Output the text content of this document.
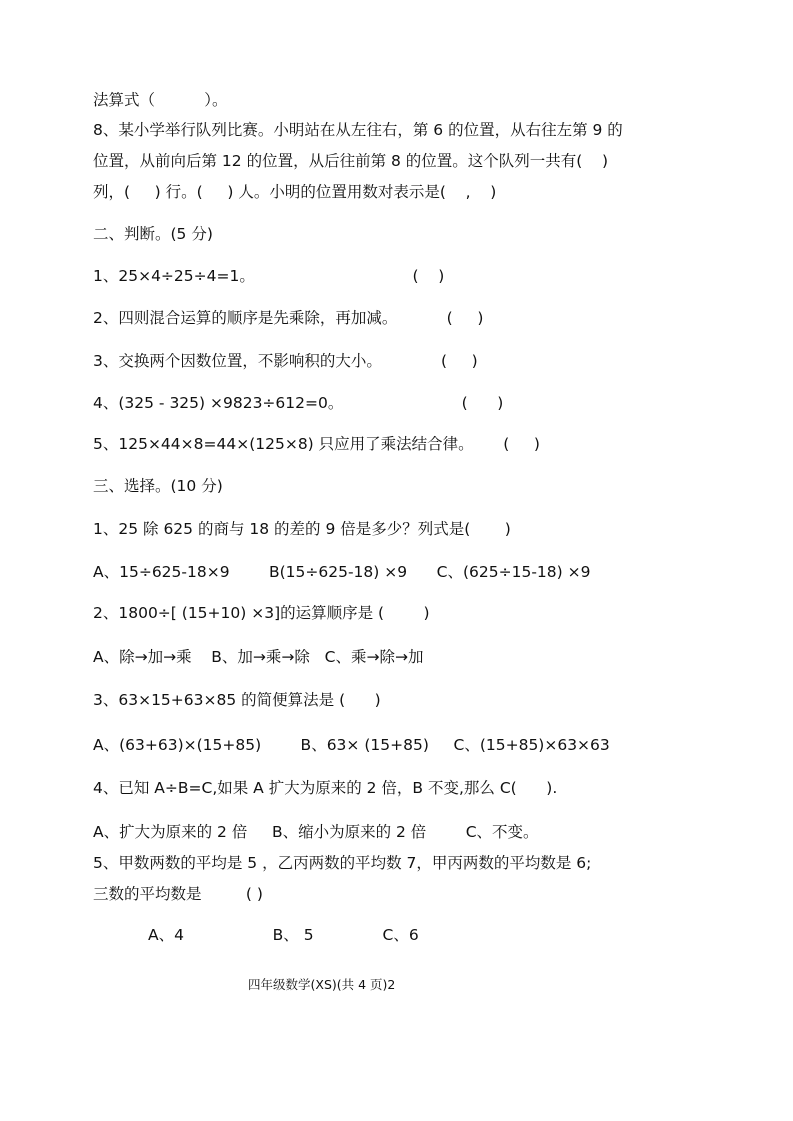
法算式（          ）。
8、某小学举行队列比赛。小明站在从左往右，第 6 的位置，从右往左第 9 的
位置，从前向后第 12 的位置，从后往前第 8 的位置。这个队列一共有(    )
列，(     ) 行。(     ) 人。小明的位置用数对表示是(    ,    )
二、判断。(5 分)
1、25×4÷25÷4=1。                                (    )
2、四则混合运算的顺序是先乘除，再加减。          (     )
3、交换两个因数位置，不影响积的大小。            (     )
4、(325 - 325) ×9823÷612=0。                        (      )
5、125×44×8=44×(125×8) 只应用了乘法结合律。      (     )
三、选择。(10 分)
1、25 除 625 的商与 18 的差的 9 倍是多少？列式是(       )
A、15÷625-18×9        B(15÷625-18) ×9      C、(625÷15-18) ×9
2、1800÷[ (15+10) ×3]的运算顺序是 (        )
A、除→加→乘    B、加→乘→除   C、乘→除→加
3、63×15+63×85 的简便算法是 (      )
A、(63+63)×(15+85)        B、63× (15+85)     C、(15+85)×63×63
4、已知 A÷B=C,如果 A 扩大为原来的 2 倍，B 不变,那么 C(      ).
A、扩大为原来的 2 倍     B、缩小为原来的 2 倍        C、不变。
5、甲数两数的平均是 5 ，乙丙两数的平均数 7，甲丙两数的平均数是 6;
三数的平均数是         ( )
A、4                  B、 5              C、6
四年级数学(XS)(共 4 页)2
